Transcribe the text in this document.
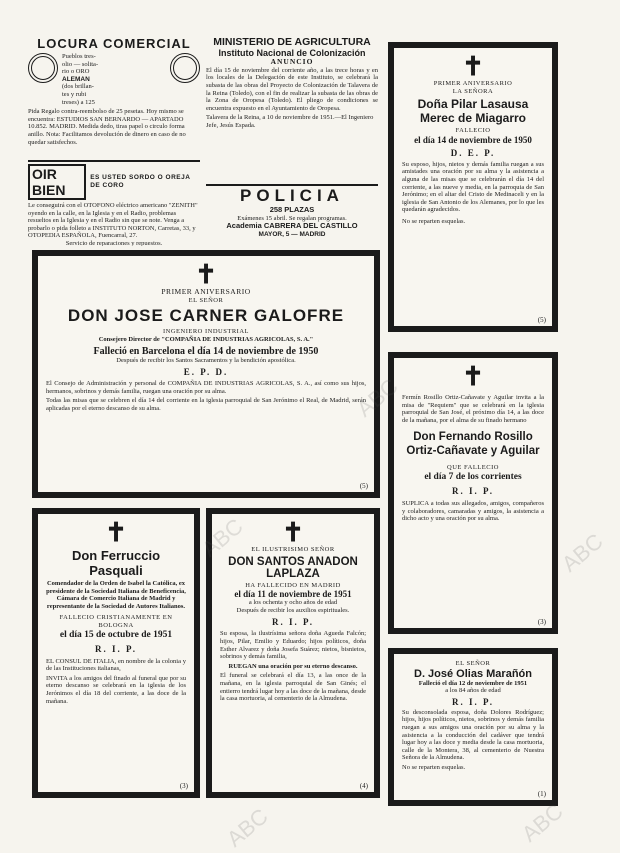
LOCURA COMERCIAL
Pueblos tres-
olio — solita-
rio o ORO
ALEMAN
(dos brillan-
tes y rubi
treses) a 125
Pida Regalo contra-reembolso de 25 pesetas. Hoy mismo se encuentra: ESTUDIOS SAN BERNARDO — APARTADO 10.852. MADRID. Medida dedo, tiras papel o circulo forma anillo. Nota: Facilitamos devolución de dinero en caso de no quedar satisfechos.
OIR BIEN
ES USTED SORDO O OREJA DE CORO
Le conseguirá con el OTOFONO eléctrico americano "ZENITH" oyendo en la calle, en la Iglesia y en el Radio, problemas resueltos en la Iglesia y en el Radio sin que se note. Venga a probarlo o pida folleto a INSTITUTO NORTON, Carretas, 33, y OTOPEDIA ESPAÑOLA, Fuencarral, 27.
Servicio de reparaciones y repuestos.
MINISTERIO DE AGRICULTURA
Instituto Nacional de Colonización
ANUNCIO
El día 15 de noviembre del corriente año, a las trece horas y en los locales de la Delegación de este Instituto, se celebrará la subasta de las obras del Proyecto de Colonización de Talavera de la Reina (Toledo), con el fin de realizar la subasta de las obras de la Zona de Oropesa (Toledo). El pliego de condiciones se encuentra expuesto en el Ayuntamiento de Oropesa.
Talavera de la Reina, a 10 de noviembre de 1951.—El Ingeniero Jefe, Jesús Espada.
POLICIA
258 PLAZAS
Exámenes 15 abril. Se regalan programas.
Academia CABRERA DEL CASTILLO
MAYOR, 5 — MADRID
✝
PRIMER ANIVERSARIO
EL SEÑOR
DON JOSE CARNER GALOFRE
INGENIERO INDUSTRIAL
Consejero Director de "COMPAÑIA DE INDUSTRIAS AGRICOLAS, S. A."
Falleció en Barcelona el día 14 de noviembre de 1950
Después de recibir los Santos Sacramentos y la bendición apostólica.
E. P. D.
El Consejo de Administración y personal de COMPAÑIA DE INDUSTRIAS AGRICOLAS, S. A., así como sus hijos, hermanos, sobrinos y demás familia, ruegan una oración por su alma.
Todas las misas que se celebren el día 14 del corriente en la iglesia parroquial de San Jerónimo el Real, de Madrid, serán aplicadas por el eterno descanso de su alma.
(5)
✝
Don Ferruccio Pasquali
Comendador de la Orden de Isabel la Católica, ex presidente de la Sociedad Italiana de Beneficencia, Cámara de Comercio Italiana de Madrid y representante de la Sociedad de Autores Italianos.
FALLECIO CRISTIANAMENTE EN BOLOGNA
el día 15 de octubre de 1951
R. I. P.
EL CONSUL DE ITALIA, en nombre de la colonia y de las Instituciones italianas,
INVITA a los amigos del finado al funeral que por su eterno descanso se celebrará en la iglesia de los Jerónimos el día 18 del corriente, a las doce de la mañana.
(3)
✝
EL ILUSTRISIMO SEÑOR
DON SANTOS ANADON LAPLAZA
HA FALLECIDO EN MADRID
el día 11 de noviembre de 1951
a los ochenta y ocho años de edad
Después de recibir los auxilios espirituales.
R. I. P.
Su esposa, la ilustrísima señora doña Agueda Falcón; hijos, Pilar, Emilio y Eduardo; hijos políticos, doña Esther Alvarez y doña Josefa Suárez; nietos, bisnietos, sobrinos y demás familia,
RUEGAN una oración por su eterno descanso.
El funeral se celebrará el día 13, a las once de la mañana, en la iglesia parroquial de San Ginés; el entierro tendrá lugar hoy a las doce de la mañana, desde la casa mortuoria, al cementerio de la Almudena.
(4)
✝
PRIMER ANIVERSARIO
LA SEÑORA
Doña Pilar Lasausa Merec de Miagarro
FALLECIO
el día 14 de noviembre de 1950
D. E. P.
Su esposo, hijos, nietos y demás familia ruegan a sus amistades una oración por su alma y la asistencia a alguna de las misas que se celebrarán el día 14 del corriente, a las nueve y media, en la parroquia de San Jerónimo; en el altar del Cristo de Medinaceli y en la iglesia de San Antonio de los Alemanes, por lo que les quedarán agradecidos.
No se reparten esquelas.
(5)
✝
Fermín Rosillo Ortiz-Cañavate y Aguilar invita a la misa de "Requiem" que se celebrará en la iglesia parroquial de San José, el próximo día 14, a las doce de la mañana, por el alma de su finado hermano
Don Fernando Rosillo Ortiz-Cañavate y Aguilar
QUE FALLECIO
el día 7 de los corrientes
R. I. P.
SUPLICA a todas sus allegados, amigos, compañeros y colaboradores, camaradas y amigos, la asistencia a dicho acto y una oración por su alma.
(3)
EL SEÑOR
D. José Olias Marañón
Falleció el día 12 de noviembre de 1951
a los 84 años de edad
R. I. P.
Su desconsolada esposa, doña Dolores Rodríguez; hijos, hijos políticos, nietos, sobrinos y demás familia ruegan a sus amigos una oración por su alma y la asistencia a la conducción del cadáver que tendrá lugar hoy a las doce y media desde la casa mortuoria, calle de la Montera, 38, al cementerio de Nuestra Señora de la Almudena.
No se reparten esquelas.
(1)
ABC
ABC	ABC
